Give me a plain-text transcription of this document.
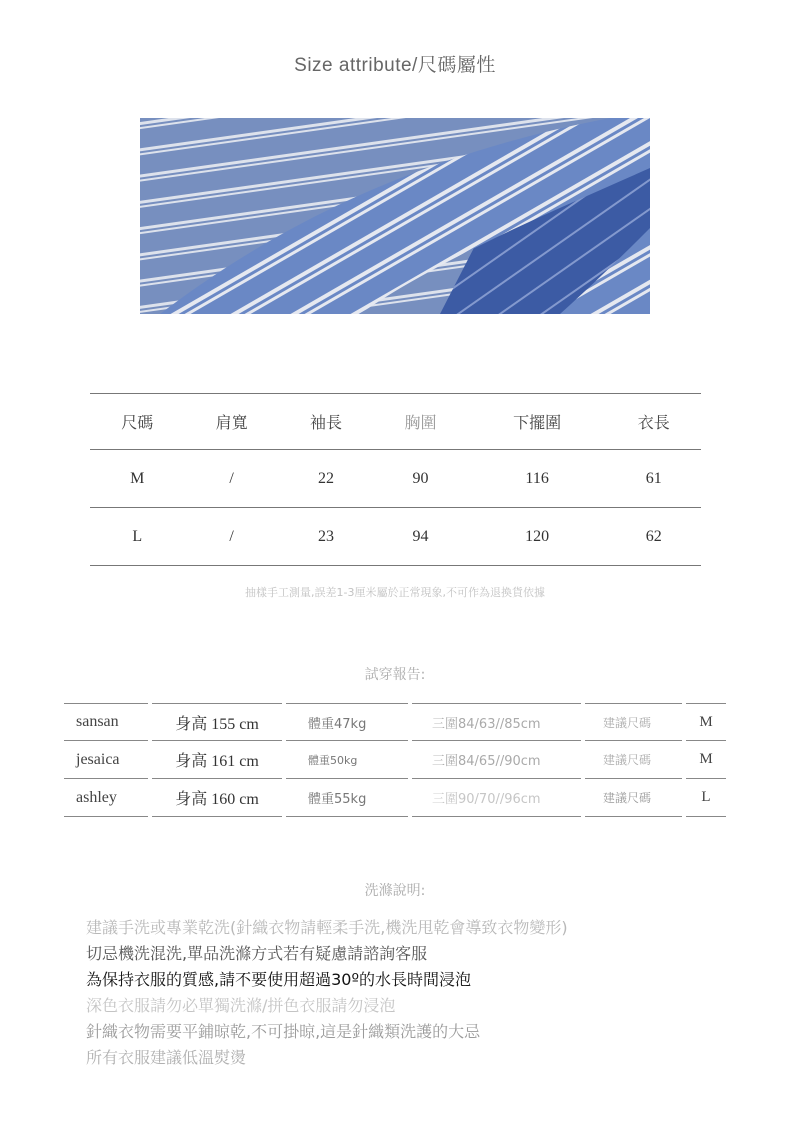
Size attribute/尺碼屬性
尺碼	肩寬	袖長	胸圍	下擺圍	衣長
M	/	22	90	116	61
L	/	23	94	120	62
抽樣手工測量,誤差1-3厘米屬於正常現象,不可作為退換貨依據
試穿報告:
sansan	身高 155 cm	體重47kg	三圍84/63//85cm	建議尺碼	M
jesaica	身高 161 cm	體重50kg	三圍84/65//90cm	建議尺碼	M
ashley	身高 160 cm	體重55kg	三圍90/70//96cm	建議尺碼	L
洗滌說明:
建議手洗或專業乾洗(針織衣物請輕柔手洗,機洗甩乾會導致衣物變形)
切忌機洗混洗,單品洗滌方式若有疑慮請諮詢客服
為保持衣服的質感,請不要使用超過30º的水長時間浸泡
深色衣服請勿必單獨洗滌/拼色衣服請勿浸泡
針織衣物需要平鋪晾乾,不可掛晾,這是針織類洗護的大忌
所有衣服建議低溫熨燙
